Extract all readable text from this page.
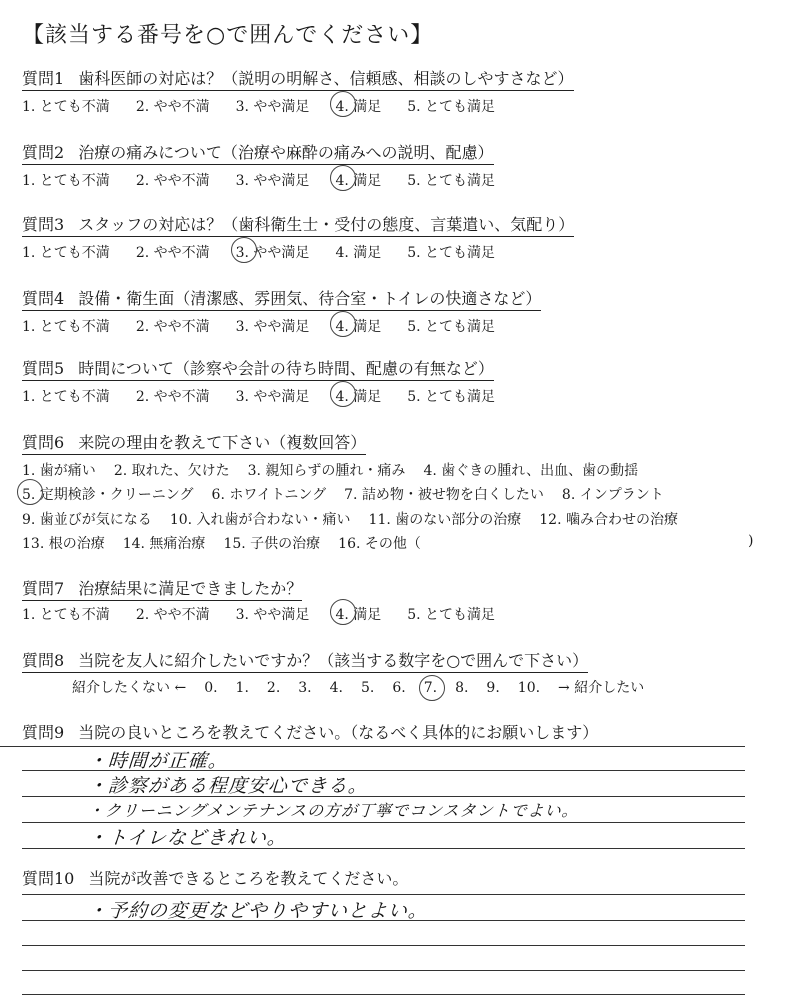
【該当する番号を○で囲んでください】
質問1 歯科医師の対応は？（説明の明解さ、信頼感、相談のしやすさなど）
1. とても不満 2. やや不満 3. やや満足 4. 満足 5. とても満足
質問2 治療の痛みについて（治療や麻酔の痛みへの説明、配慮）
1. とても不満 2. やや不満 3. やや満足 4. 満足 5. とても満足
質問3 スタッフの対応は？（歯科衛生士・受付の態度、言葉遣い、気配り）
1. とても不満 2. やや不満 3. やや満足 4. 満足 5. とても満足
質問4 設備・衛生面（清潔感、雰囲気、待合室・トイレの快適さなど）
1. とても不満 2. やや不満 3. やや満足 4. 満足 5. とても満足
質問5 時間について（診察や会計の待ち時間、配慮の有無など）
1. とても不満 2. やや不満 3. やや満足 4. 満足 5. とても満足
質問6 来院の理由を教えて下さい（複数回答）
1. 歯が痛い 2. 取れた、欠けた 3. 親知らずの腫れ・痛み 4. 歯ぐきの腫れ、出血、歯の動揺
5. 定期検診・クリーニング 6. ホワイトニング 7. 詰め物・被せ物を白くしたい 8. インプラント
9. 歯並びが気になる 10. 入れ歯が合わない・痛い 11. 歯のない部分の治療 12. 噛み合わせの治療
13. 根の治療 14. 無痛治療 15. 子供の治療 16. その他（	)
質問7 治療結果に満足できましたか？
1. とても不満 2. やや不満 3. やや満足 4. 満足 5. とても満足
質問8 当院を友人に紹介したいですか？（該当する数字を○で囲んで下さい）
紹介したくない ← 0. 1. 2. 3. 4. 5. 6. 7. 8. 9. 10. → 紹介したい
質問9 当院の良いところを教えてください。（なるべく具体的にお願いします）
・時間が正確。
・診察がある程度安心できる。
・クリーニングメンテナンスの方が丁寧でコンスタントでよい。
・トイレなどきれい。
質問10 当院が改善できるところを教えてください。
・予約の変更などやりやすいとよい。
